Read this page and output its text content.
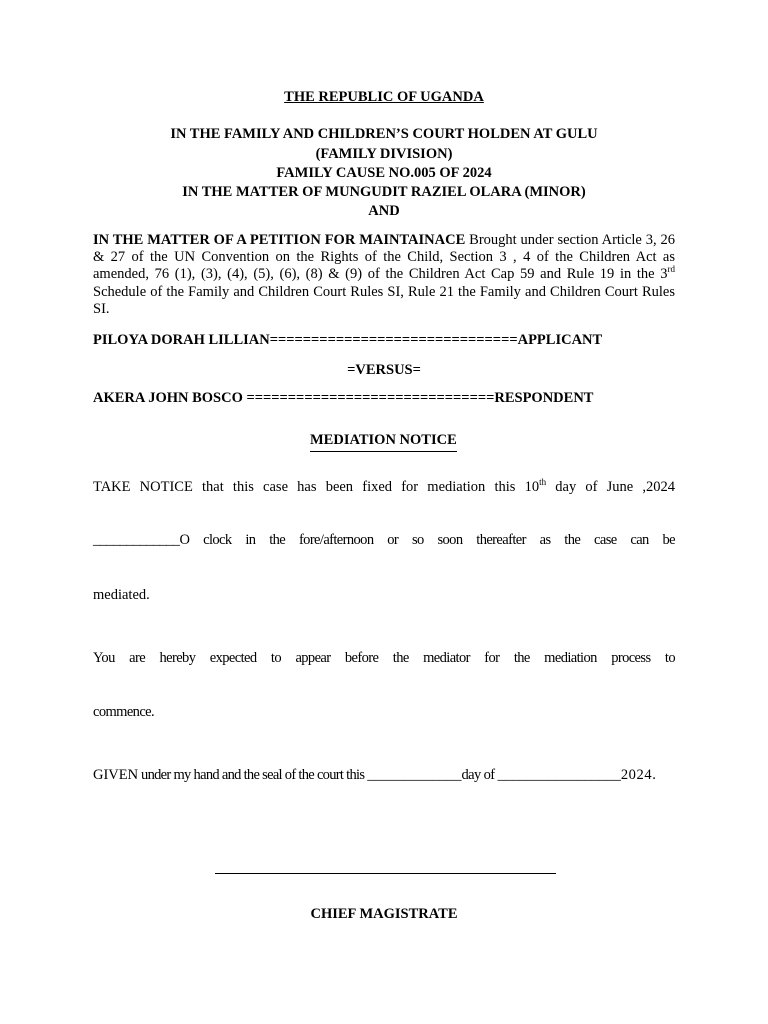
THE REPUBLIC OF UGANDA
IN THE FAMILY AND CHILDREN’S COURT HOLDEN AT GULU
(FAMILY DIVISION)
FAMILY CAUSE NO.005 OF 2024
IN THE MATTER OF MUNGUDIT RAZIEL OLARA (MINOR)
AND
IN THE MATTER OF A PETITION FOR MAINTAINACE Brought under section Article 3, 26 & 27 of the UN Convention on the Rights of the Child, Section 3 , 4 of the Children Act as amended, 76 (1), (3), (4), (5), (6), (8) & (9) of the Children Act Cap 59 and Rule 19 in the 3rd Schedule of the Family and Children Court Rules SI, Rule 21 the Family and Children Court Rules SI.
PILOYA DORAH LILLIAN==============================APPLICANT
=VERSUS=
AKERA JOHN BOSCO ==============================RESPONDENT
MEDIATION NOTICE
TAKE NOTICE that this case has been fixed for mediation this 10th day of June ,2024
_____________O clock in the fore/afternoon or so soon thereafter as the case can be
mediated.
You are hereby expected to appear before the mediator for the mediation process to
commence.
GIVEN under my hand and the seal of the court this _____________day of _________________2024.
CHIEF MAGISTRATE
